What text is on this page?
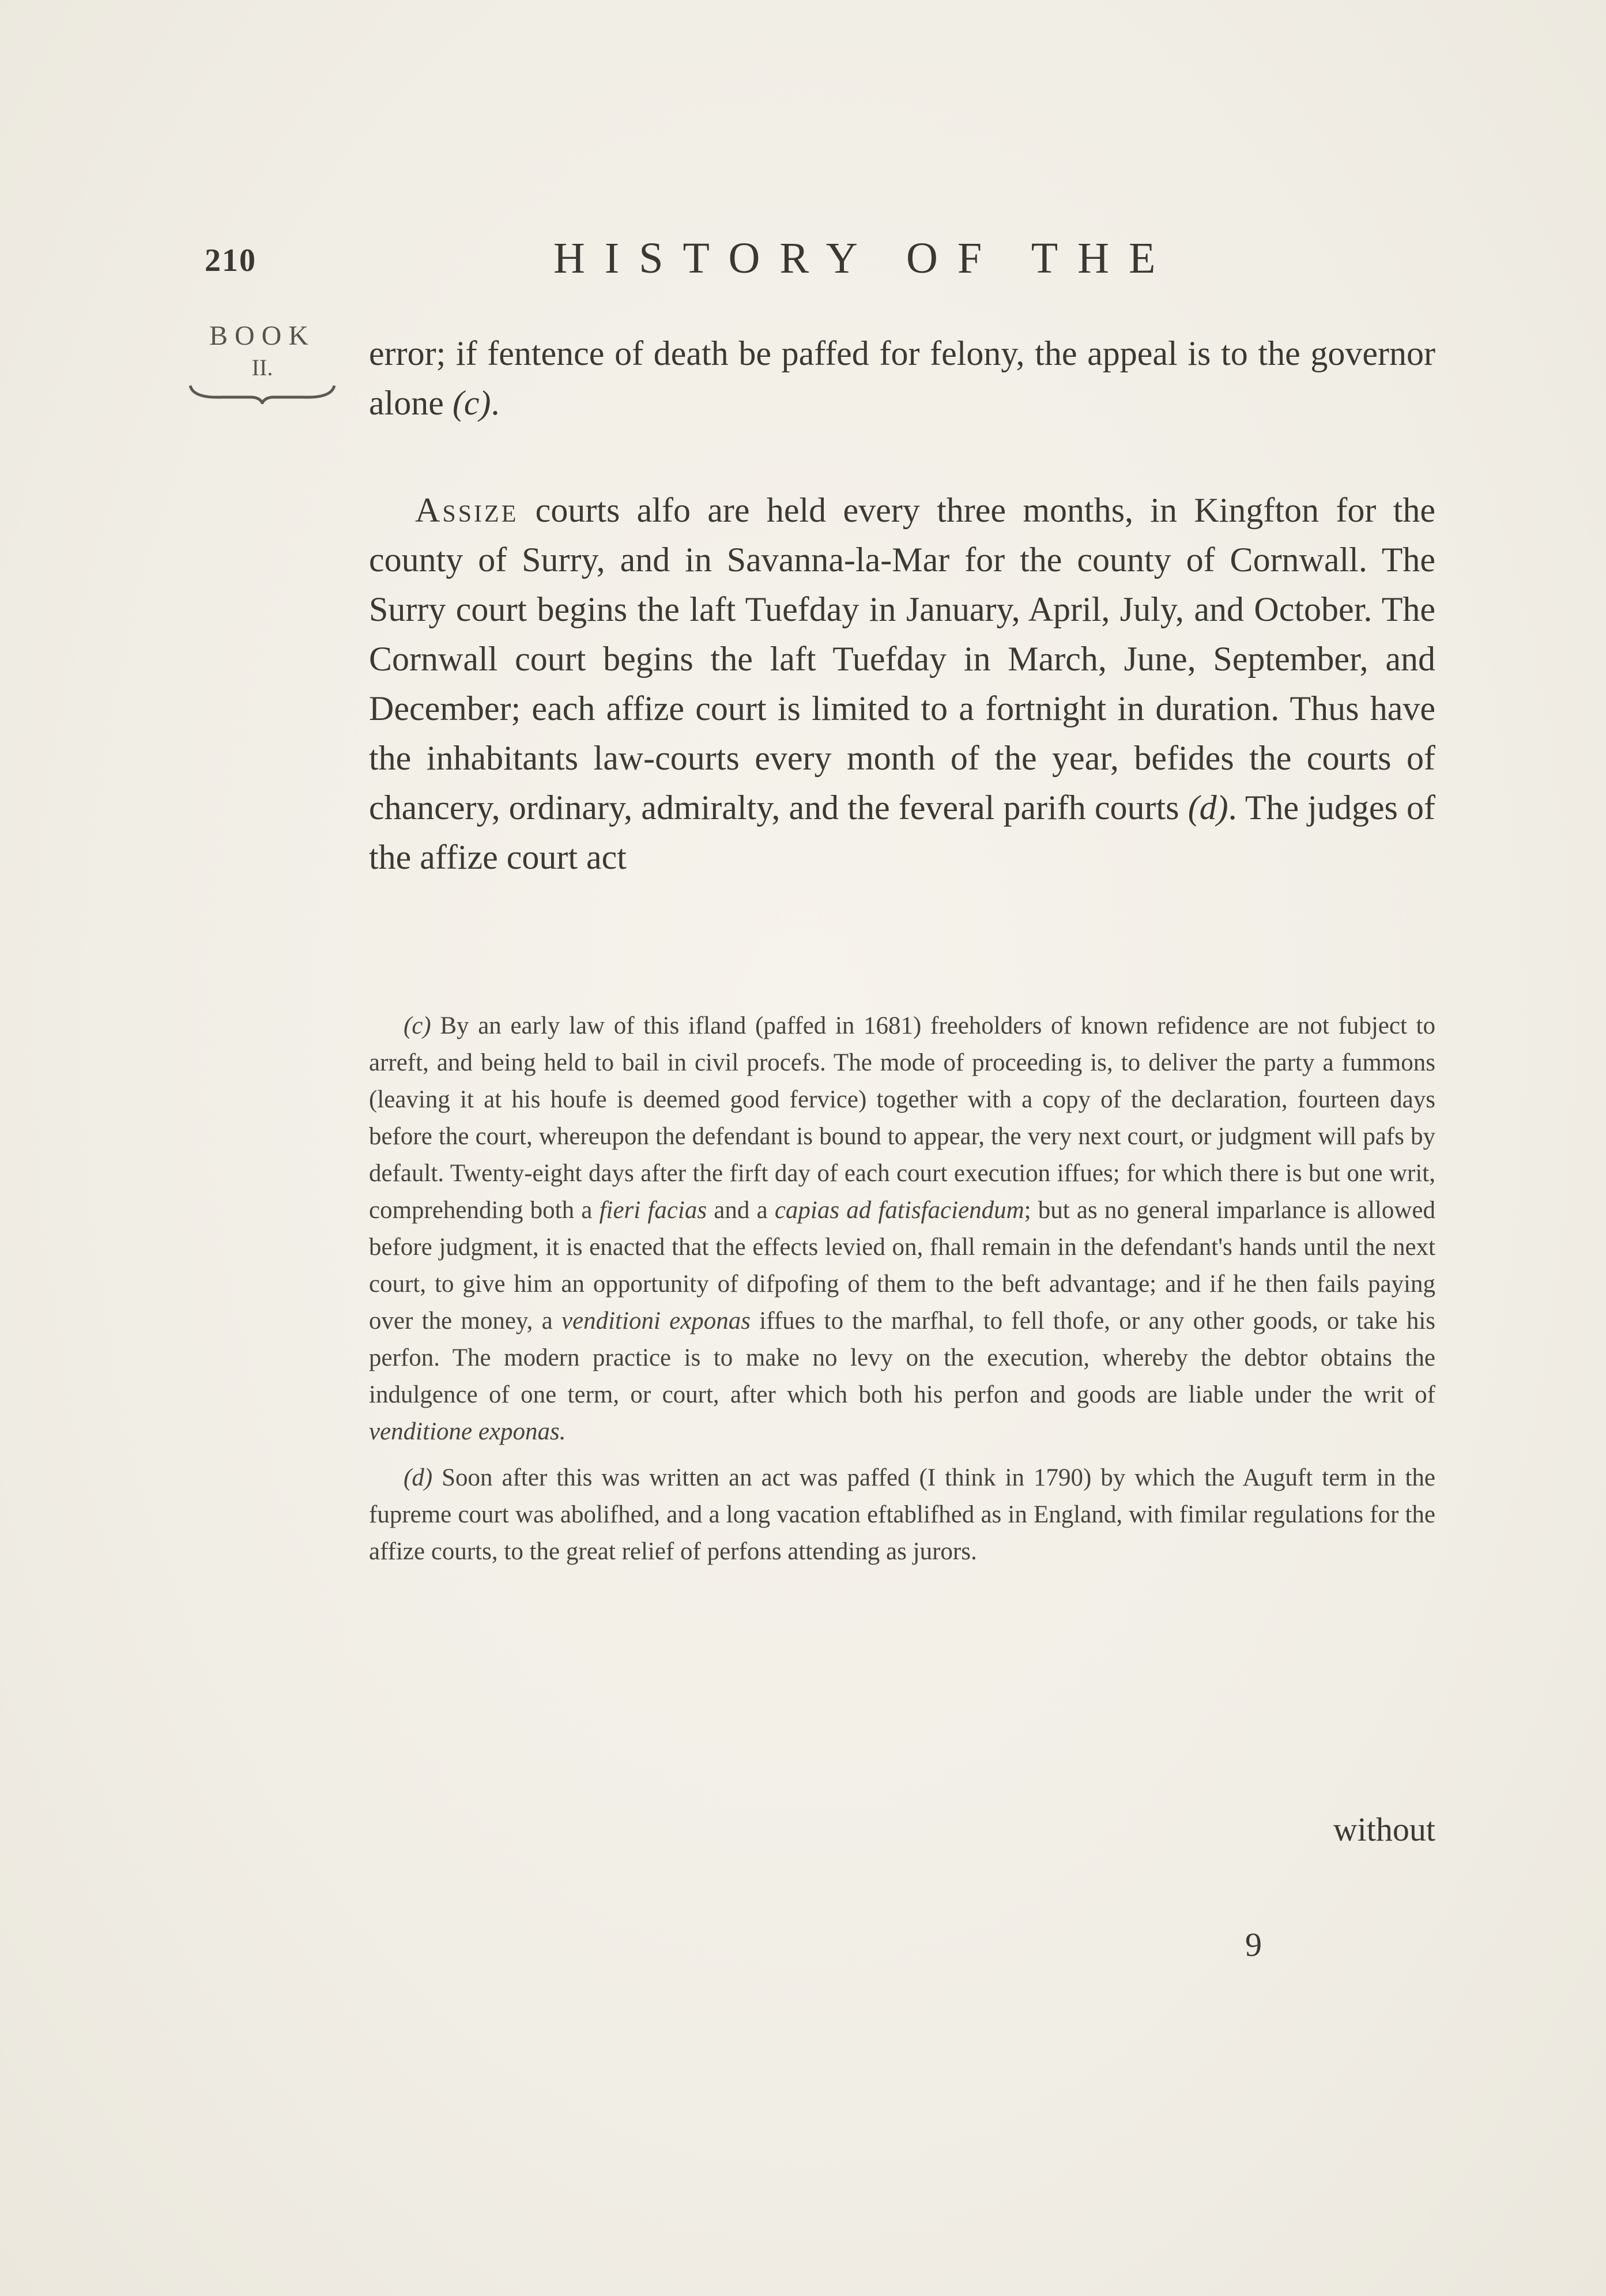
210	HISTORY OF THE
BOOK
II.	error; if fentence of death be paffed for felony, the appeal is to the governor alone (c).

Assize courts alfo are held every three months, in Kingfton for the county of Surry, and in Savanna-la-Mar for the county of Cornwall. The Surry court begins the laft Tuefday in January, April, July, and October. The Cornwall court begins the laft Tuefday in March, June, September, and December; each affize court is limited to a fortnight in duration. Thus have the inhabitants law-courts every month of the year, befides the courts of chancery, ordinary, admiralty, and the feveral parifh courts (d). The judges of the affize court act

(c) By an early law of this ifland (paffed in 1681) freeholders of known refidence are not fubject to arreft, and being held to bail in civil procefs. The mode of proceeding is, to deliver the party a fummons (leaving it at his houfe is deemed good fervice) together with a copy of the declaration, fourteen days before the court, whereupon the defendant is bound to appear, the very next court, or judgment will pafs by default. Twenty-eight days after the firft day of each court execution iffues; for which there is but one writ, comprehending both a fieri facias and a capias ad fatisfaciendum; but as no general imparlance is allowed before judgment, it is enacted that the effects levied on, fhall remain in the defendant's hands until the next court, to give him an opportunity of difpofing of them to the beft advantage; and if he then fails paying over the money, a venditioni exponas iffues to the marfhal, to fell thofe, or any other goods, or take his perfon. The modern practice is to make no levy on the execution, whereby the debtor obtains the indulgence of one term, or court, after which both his perfon and goods are liable under the writ of venditione exponas.

(d) Soon after this was written an act was paffed (I think in 1790) by which the Auguft term in the fupreme court was abolifhed, and a long vacation eftablifhed as in England, with fimilar regulations for the affize courts, to the great relief of perfons attending as jurors.

without
9
